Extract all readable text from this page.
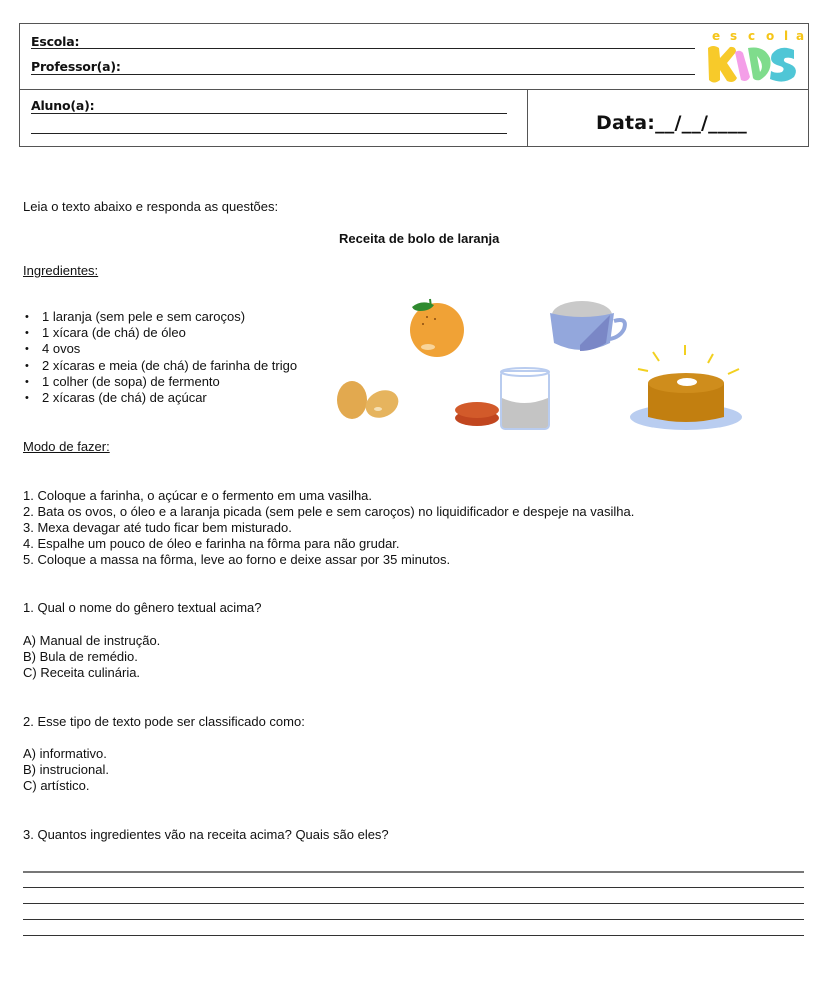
Escola:
Professor(a):
Aluno(a):
Data:__/__/____
e s c o l a
Leia o texto abaixo e responda as questões:
Receita de bolo de laranja
Ingredientes:
• 1 laranja (sem pele e sem caroços)
• 1 xícara (de chá) de óleo
• 4 ovos
• 2 xícaras e meia (de chá) de farinha de trigo
• 1 colher (de sopa) de fermento
• 2 xícaras (de chá) de açúcar
Modo de fazer:
1. Coloque a farinha, o açúcar e o fermento em uma vasilha.
2. Bata os ovos, o óleo e a laranja picada (sem pele e sem caroços) no liquidificador e despeje na vasilha.
3. Mexa devagar até tudo ficar bem misturado.
4. Espalhe um pouco de óleo e farinha na fôrma para não grudar.
5. Coloque a massa na fôrma, leve ao forno e deixe assar por 35 minutos.
1. Qual o nome do gênero textual acima?
A) Manual de instrução.
B) Bula de remédio.
C) Receita culinária.
2. Esse tipo de texto pode ser classificado como:
A) informativo.
B) instrucional.
C) artístico.
3. Quantos ingredientes vão na receita acima? Quais são eles?
